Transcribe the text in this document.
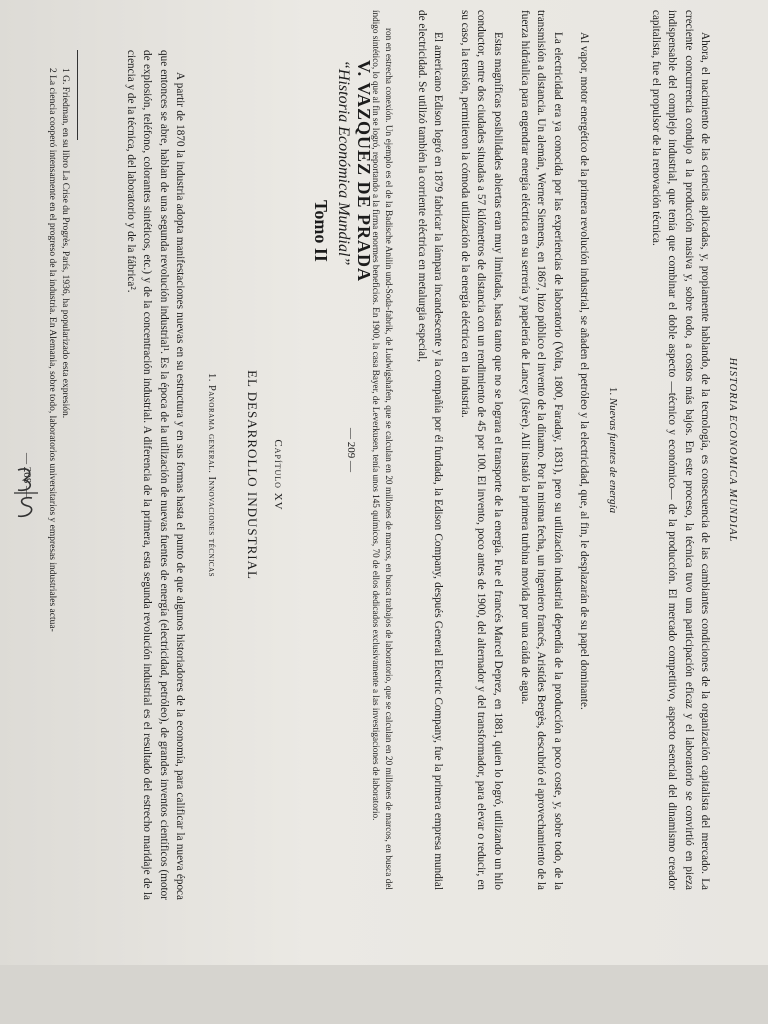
V. VAZQUEZ DE PRADA
“Historia Económica Mundial”
Tomo II
Capítulo XV
EL DESARROLLO INDUSTRIAL
1. Panorama general. Innovaciones técnicas

A partir de 1870 la industria adopta manifestaciones nuevas en su estructura y en sus formas hasta el punto de que algunos historiadores de la economía, para calificar la nueva época que entonces se abre, hablan de una segunda revolución industrial¹. Es la época de la utilización de nuevas fuentes de energía (electricidad, petróleo), de grandes inventos científicos (motor de explosión, teléfono, colorantes sintéticos, etc.) y de la concentración industrial. A diferencia de la primera, esta segunda revolución industrial es el resultado del estrecho maridaje de la ciencia y de la técnica, del laboratorio y de la fábrica².

1 G. Friedman, en su libro La Crise du Progrès, París, 1936, ha popularizado esta expresión.
2 La ciencia cooperó intensamente en el progreso de la industria. En Alemania, sobre todo, laboratorios universitarios y empresas industriales actua-
— 208 —	HISTORIA ECONOMICA MUNDIAL

Ahora, el nacimiento de las ciencias aplicadas, y, propiamente hablando, de la tecnología, es consecuencia de las cambiantes condiciones de la organización capitalista del mercado. La creciente concurrencia condujo a la producción masiva y, sobre todo, a costos más bajos. En este proceso, la técnica tuvo una participación eficaz y el laboratorio se convirtió en pieza indispensable del complejo industrial, que tenía que combinar el doble aspecto —técnico y económico— de la producción. El mercado competitivo, aspecto esencial del dinamismo creador capitalista, fue el propulsor de la renovación técnica.

1. Nuevas fuentes de energía

Al vapor, motor energético de la primera revolución industrial, se añaden el petróleo y la electricidad, que, al fin, le desplazarán de su papel dominante.

La electricidad era ya conocida por las experiencias de laboratorio (Volta, 1800, Faraday, 1831), pero su utilización industrial dependía de la producción a poco coste, y, sobre todo, de la transmisión a distancia. Un alemán, Werner Siemens, en 1867, hizo público el invento de la dínamo. Por la misma fecha, un ingeniero francés, Aristídes Bergès, descubrió el aprovechamiento de la fuerza hidráulica para engendrar energía eléctrica en su serrería y papelería de Lancey (Isère). Allí instaló la primera turbina movida por una caída de agua.

Estas magníficas posibilidades abiertas eran muy limitadas, hasta tanto que no se lograra el transporte de la energía. Fue el francés Marcel Deprez, en 1881, quien lo logró, utilizando un hilo conductor, entre dos ciudades situadas a 57 kilómetros de distancia con un rendimiento de 45 por 100. El invento, poco antes de 1900, del alternador y del transformador, para elevar o reducir, en su caso, la tensión, permitieron la cómoda utilización de la energía eléctrica en la industria.

El americano Edison logró en 1879 fabricar la lámpara incandescente y la compañía por él fundada, la Edison Company, después General Electric Company, fue la primera empresa mundial de electricidad. Se utilizó también la corriente eléctrica en metalurgia especial,

ron en estrecha conexión. Un ejemplo es el de la Badische Anilin und-Soda-fabrik, de Ludwigshafen, que se calculan en 20 millones de marcos, en busca trabajos de laboratorio, que se calculan en 20 millones de marcos, en busca del índigo sintético, lo que al fin se logró, reportando a la firma enormes beneficios. En 1900, la casa Bayer, de Leverkusen, tenía unos 145 químicos, 70 de ellos dedicados exclusivamente a las investigaciones de laboratorio.
— 209 —
